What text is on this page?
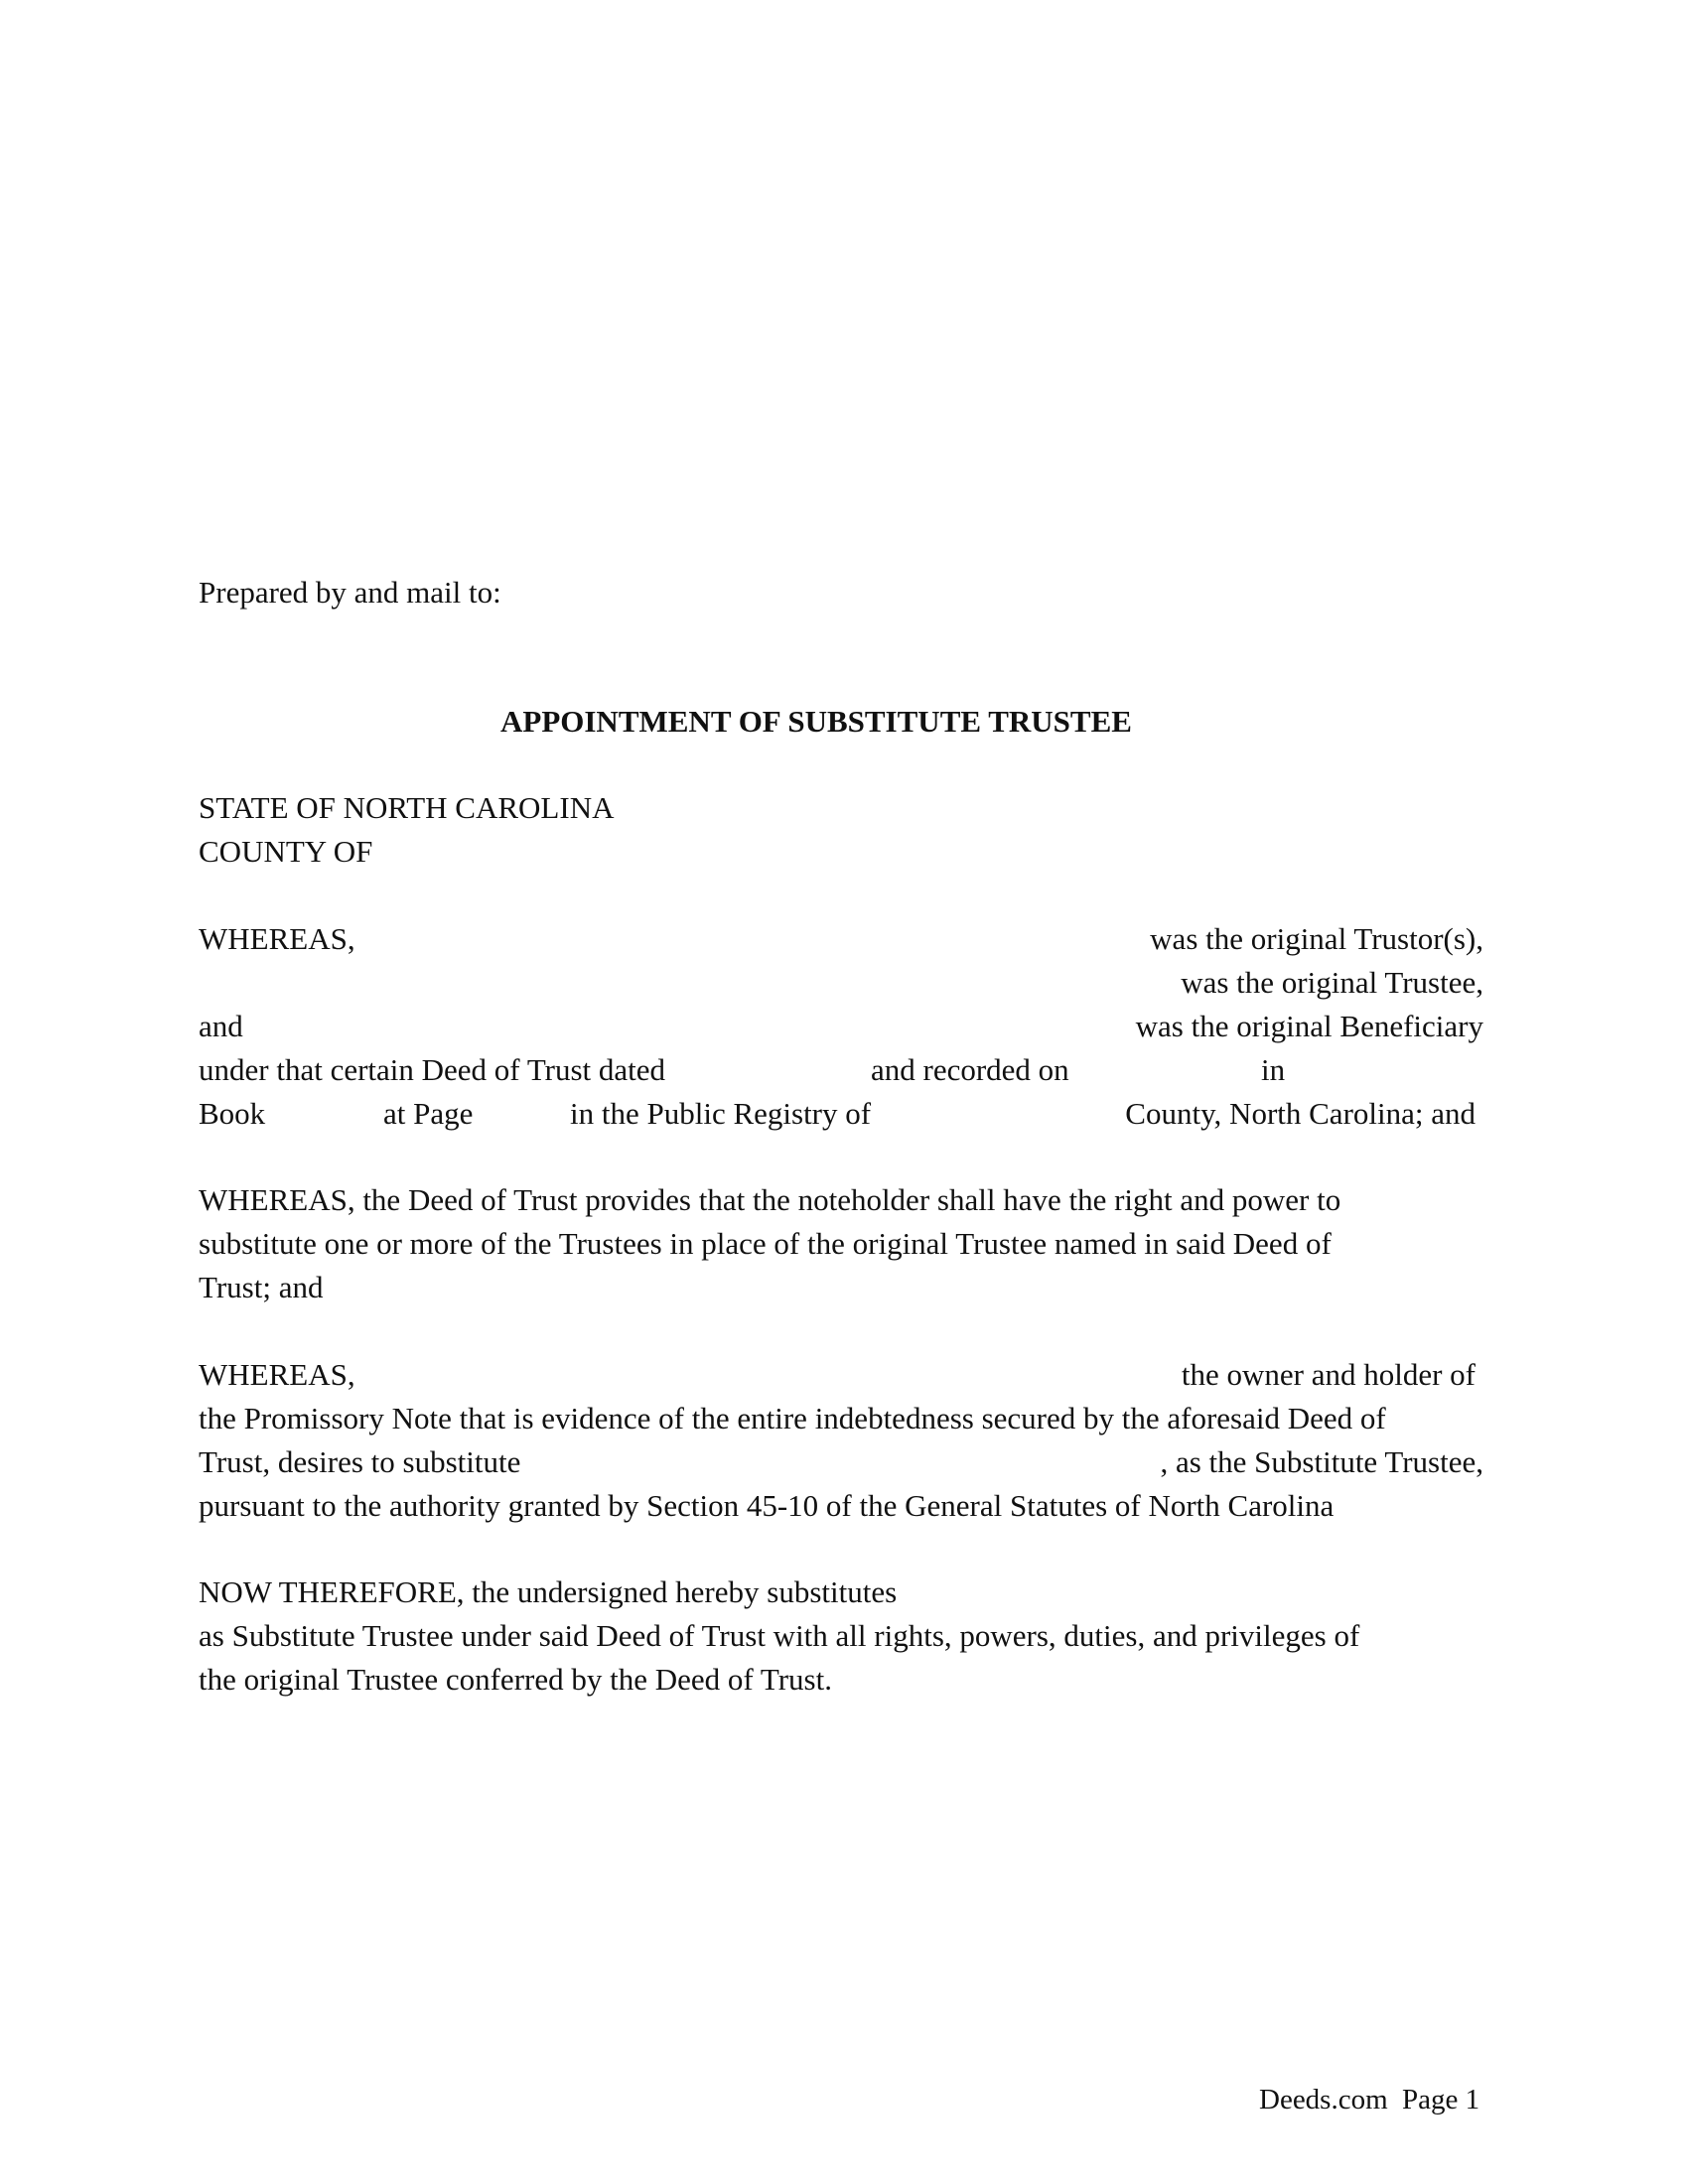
Prepared by and mail to:
APPOINTMENT OF SUBSTITUTE TRUSTEE
STATE OF NORTH CAROLINA
COUNTY OF
WHEREAS,	was the original Trustor(s),
was the original Trustee,
and	was the original Beneficiary
under that certain Deed of Trust dated	and recorded on	in
Book	at Page	in the Public Registry of	County, North Carolina; and
WHEREAS, the Deed of Trust provides that the noteholder shall have the right and power to
substitute one or more of the Trustees in place of the original Trustee named in said Deed of
Trust; and
WHEREAS,	the owner and holder of
the Promissory Note that is evidence of the entire indebtedness secured by the aforesaid Deed of
Trust, desires to substitute	, as the Substitute Trustee,
pursuant to the authority granted by Section 45-10 of the General Statutes of North Carolina
NOW THEREFORE, the undersigned hereby substitutes
as Substitute Trustee under said Deed of Trust with all rights, powers, duties, and privileges of
the original Trustee conferred by the Deed of Trust.
Deeds.com Page 1
